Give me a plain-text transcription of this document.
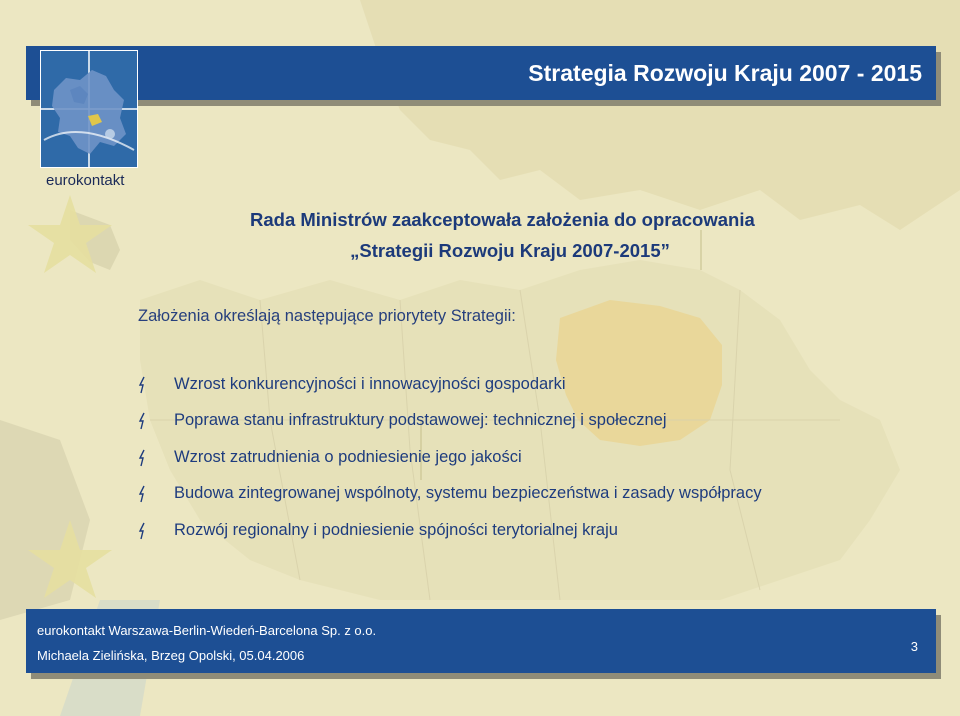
Strategia Rozwoju Kraju 2007 - 2015
eurokontakt
Rada Ministrów zaakceptowała założenia do opracowania
„Strategii Rozwoju Kraju 2007-2015”
Założenia określają następujące priorytety Strategii:
Wzrost konkurencyjności i innowacyjności gospodarki
Poprawa stanu infrastruktury podstawowej: technicznej i społecznej
Wzrost zatrudnienia o podniesienie jego jakości
Budowa zintegrowanej wspólnoty, systemu bezpieczeństwa i zasady współpracy
Rozwój regionalny i podniesienie spójności terytorialnej kraju
eurokontakt Warszawa-Berlin-Wiedeń-Barcelona Sp. z o.o.
Michaela Zielińska, Brzeg Opolski, 05.04.2006
3
